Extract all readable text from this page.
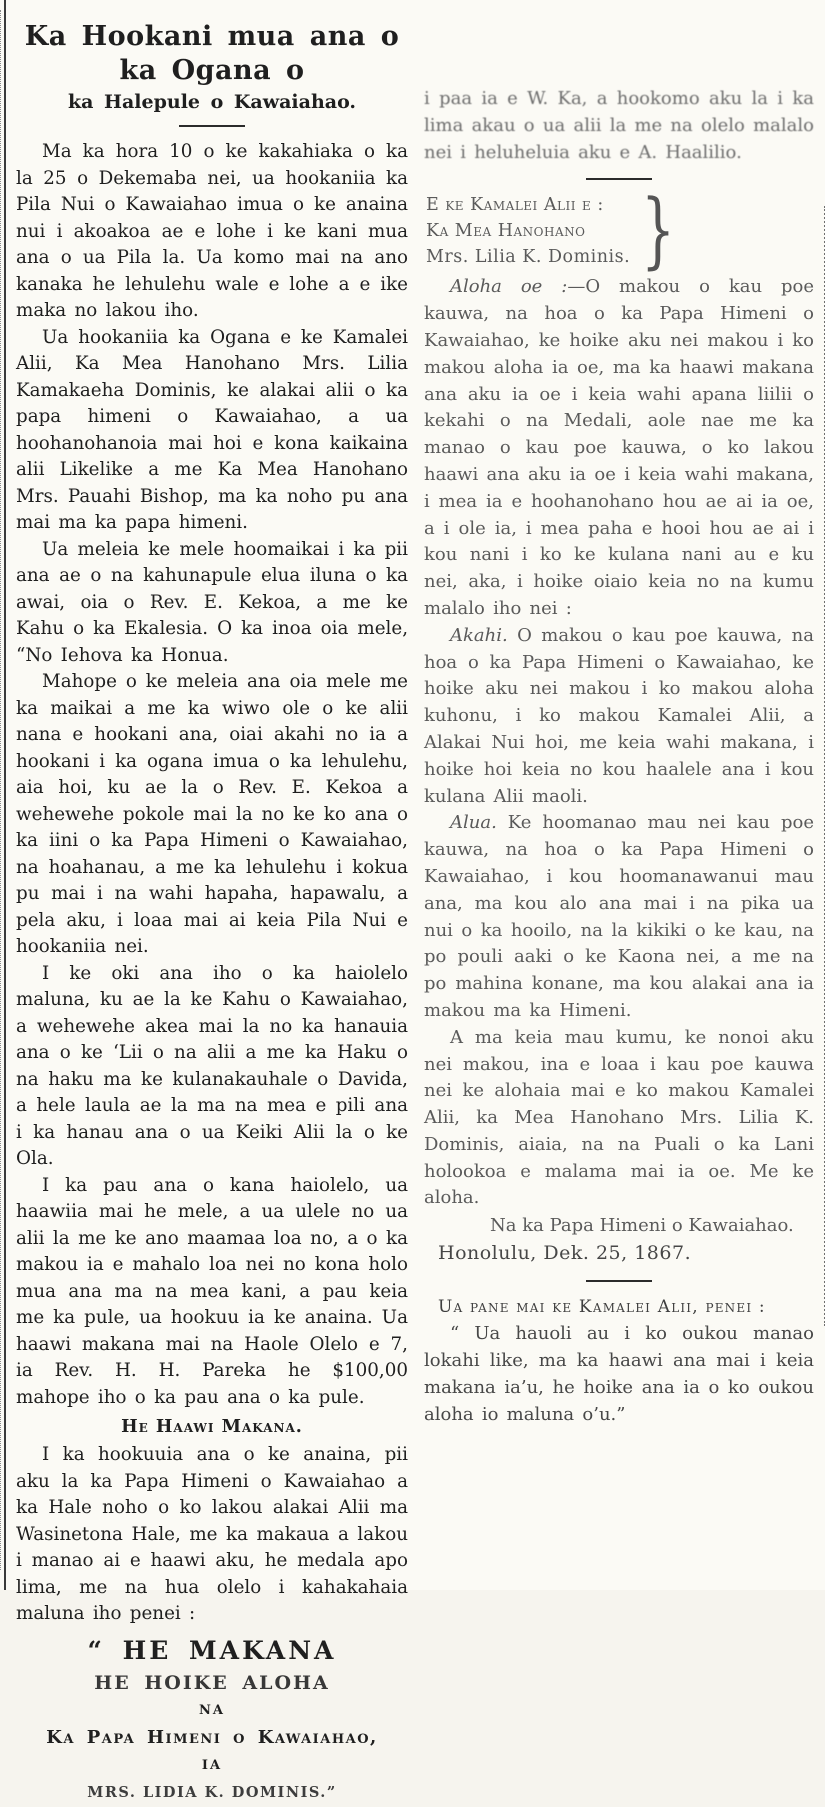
Ka Hookani mua ana o ka Ogana o
ka Halepule o Kawaiahao.

Ma ka hora 10 o ke kakahiaka o ka la 25 o Dekemaba nei, ua hookaniia ka Pila Nui o Kawaiahao imua o ke anaina nui i akoakoa ae e lohe i ke kani mua ana o ua Pila la. Ua komo mai na ano kanaka he lehulehu wale e lohe a e ike maka no lakou iho.

Ua hookaniia ka Ogana e ke Kamalei Alii, Ka Mea Hanohano Mrs. Lilia Kamakaeha Dominis, ke alakai alii o ka papa himeni o Kawaiahao, a ua hoohanohanoia mai hoi e kona kaikaina alii Likelike a me Ka Mea Hanohano Mrs. Pauahi Bishop, ma ka noho pu ana mai ma ka papa himeni.

Ua meleia ke mele hoomaikai i ka pii ana ae o na kahunapule elua iluna o ka awai, oia o Rev. E. Kekoa, a me ke Kahu o ka Ekalesia. O ka inoa oia mele, “No Iehova ka Honua.

Mahope o ke meleia ana oia mele me ka maikai a me ka wiwo ole o ke alii nana e hookani ana, oiai akahi no ia a hookani i ka ogana imua o ka lehulehu, aia hoi, ku ae la o Rev. E. Kekoa a wehewehe pokole mai la no ke ko ana o ka iini o ka Papa Himeni o Kawaiahao, na hoahanau, a me ka lehulehu i kokua pu mai i na wahi hapaha, hapawalu, a pela aku, i loaa mai ai keia Pila Nui e hookaniia nei.

I ke oki ana iho o ka haiolelo maluna, ku ae la ke Kahu o Kawaiahao, a wehewehe akea mai la no ka hanauia ana o ke ʻLii o na alii a me ka Haku o na haku ma ke kulanakauhale o Davida, a hele laula ae la ma na mea e pili ana i ka hanau ana o ua Keiki Alii la o ke Ola.

I ka pau ana o kana haiolelo, ua haawiia mai he mele, a ua ulele no ua alii la me ke ano maamaa loa no, a o ka makou ia e mahalo loa nei no kona holo mua ana ma na mea kani, a pau keia me ka pule, ua hookuu ia ke anaina. Ua haawi makana mai na Haole Olelo e 7, ia Rev. H. H. Pareka he $100,00 mahope iho o ka pau ana o ka pule.

He Haawi Makana.

I ka hookuuia ana o ke anaina, pii aku la ka Papa Himeni o Kawaiahao a ka Hale noho o ko lakou alakai Alii ma Wasinetona Hale, me ka makaua a lakou i manao ai e haawi aku, he medala apo lima, me na hua olelo i kahakahaia maluna iho penei :

“ HE MAKANA
HE HOIKE ALOHA
NA
Ka Papa Himeni o Kawaiahao,
IA
MRS. LIDIA K. DOMINIS.”

i paa ia e W. Ka, a hookomo aku la i ka lima akau o ua alii la me na olelo malalo nei i heluheluia aku e A. Haalilio.

E ke Kamalei Alii e :
Ka Mea Hanohano
Mrs. Lilia K. Dominis. }

Aloha oe :—O makou o kau poe kauwa, na hoa o ka Papa Himeni o Kawaiahao, ke hoike aku nei makou i ko makou aloha ia oe, ma ka haawi makana ana aku ia oe i keia wahi apana liilii o kekahi o na Medali, aole nae me ka manao o kau poe kauwa, o ko lakou haawi ana aku ia oe i keia wahi makana, i mea ia e hoohanohano hou ae ai ia oe, a i ole ia, i mea paha e hooi hou ae ai i kou nani i ko ke kulana nani au e ku nei, aka, i hoike oiaio keia no na kumu malalo iho nei :

Akahi. O makou o kau poe kauwa, na hoa o ka Papa Himeni o Kawaiahao, ke hoike aku nei makou i ko makou aloha kuhonu, i ko makou Kamalei Alii, a Alakai Nui hoi, me keia wahi makana, i hoike hoi keia no kou haalele ana i kou kulana Alii maoli.

Alua. Ke hoomanao mau nei kau poe kauwa, na hoa o ka Papa Himeni o Kawaiahao, i kou hoomanawanui mau ana, ma kou alo ana mai i na pika ua nui o ka hooilo, na la kikiki o ke kau, na po pouli aaki o ke Kaona nei, a me na po mahina konane, ma kou alakai ana ia makou ma ka Himeni.

A ma keia mau kumu, ke nonoi aku nei makou, ina e loaa i kau poe kauwa nei ke alohaia mai e ko makou Kamalei Alii, ka Mea Hanohano Mrs. Lilia K. Dominis, aiaia, na na Puali o ka Lani holookoa e malama mai ia oe. Me ke aloha.

Na ka Papa Himeni o Kawaiahao.

Honolulu, Dek. 25, 1867.

Ua pane mai ke Kamalei Alii, penei :

“ Ua hauoli au i ko oukou manao lokahi like, ma ka haawi ana mai i keia makana ia’u, he hoike ana ia o ko oukou aloha io maluna o’u.”
